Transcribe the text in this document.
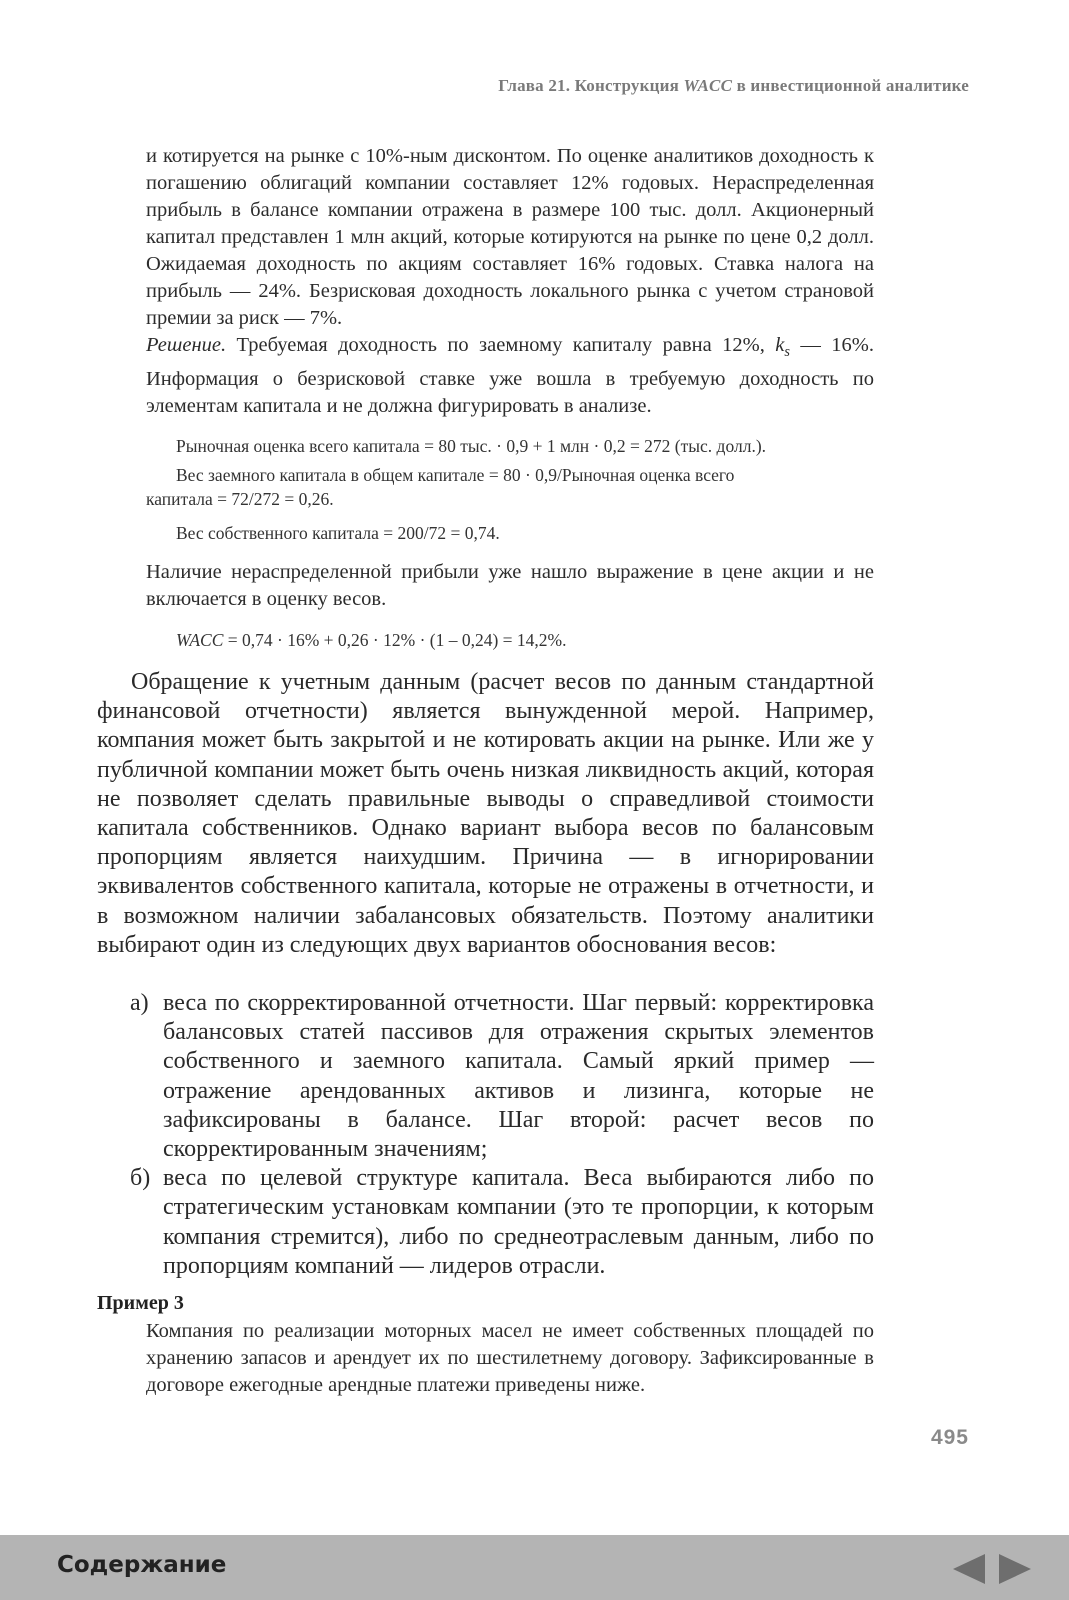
Глава 21. Конструкция WACC в инвестиционной аналитике

и котируется на рынке с 10%-ным дисконтом. По оценке аналитиков доходность к погашению облигаций компании составляет 12% годовых. Нераспределенная прибыль в балансе компании отражена в размере 100 тыс. долл. Акционерный капитал представлен 1 млн акций, которые котируются на рынке по цене 0,2 долл. Ожидаемая доходность по акциям составляет 16% годовых. Ставка налога на прибыль — 24%. Безрисковая доходность локального рынка с учетом страновой премии за риск — 7%.

Решение. Требуемая доходность по заемному капиталу равна 12%, $k_s$ — 16%. Информация о безрисковой ставке уже вошла в требуемую доходность по элементам капитала и не должна фигурировать в анализе.

Рыночная оценка всего капитала = 80 тыс. · 0,9 + 1 млн · 0,2 = 272 (тыс. долл.).
Вес заемного капитала в общем капитале = 80 · 0,9/Рыночная оценка всего
капитала = 72/272 = 0,26.
Вес собственного капитала = 200/72 = 0,74.

Наличие нераспределенной прибыли уже нашло выражение в цене акции и не включается в оценку весов.

WACC = 0,74 · 16% + 0,26 · 12% · (1 – 0,24) = 14,2%.

Обращение к учетным данным (расчет весов по данным стандартной финансовой отчетности) является вынужденной мерой. Например, компания может быть закрытой и не котировать акции на рынке. Или же у публичной компании может быть очень низкая ликвидность акций, которая не позволяет сделать правильные выводы о справедливой стоимости капитала собственников. Однако вариант выбора весов по балансовым пропорциям является наихудшим. Причина — в игнорировании эквивалентов собственного капитала, которые не отражены в отчетности, и в возможном наличии забалансовых обязательств. Поэтому аналитики выбирают один из следующих двух вариантов обоснования весов:

а) веса по скорректированной отчетности. Шаг первый: корректировка балансовых статей пассивов для отражения скрытых элементов собственного и заемного капитала. Самый яркий пример — отражение арендованных активов и лизинга, которые не зафиксированы в балансе. Шаг второй: расчет весов по скорректированным значениям;
б) веса по целевой структуре капитала. Веса выбираются либо по стратегическим установкам компании (это те пропорции, к которым компания стремится), либо по среднеотраслевым данным, либо по пропорциям компаний — лидеров отрасли.
Пример 3
Компания по реализации моторных масел не имеет собственных площадей по хранению запасов и арендует их по шестилетнему договору. Зафиксированные в договоре ежегодные арендные платежи приведены ниже.
495
Содержание
